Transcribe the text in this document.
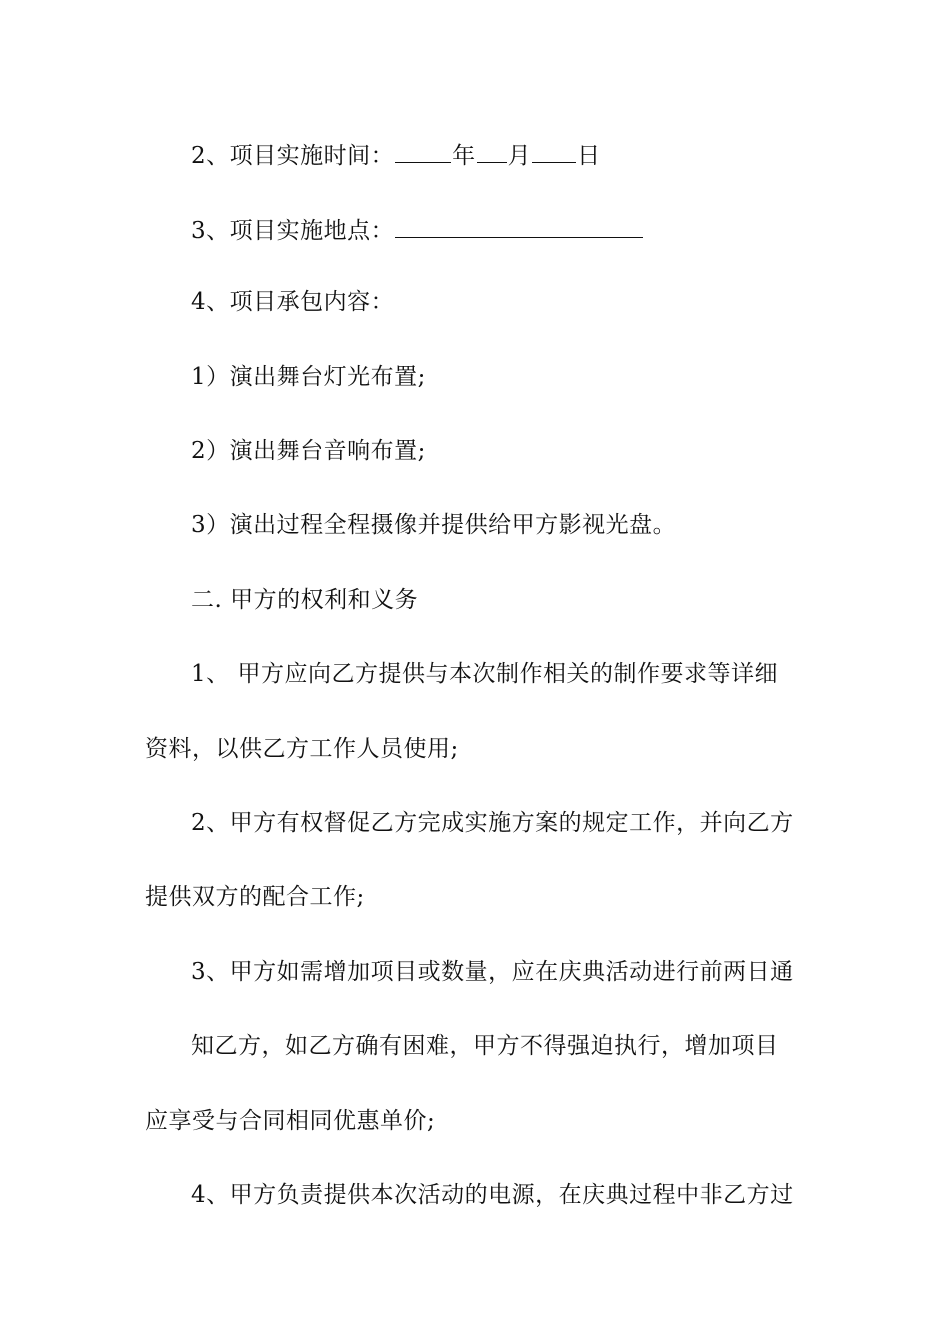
2、项目实施时间：	年 月 日
3、项目实施地点：
4、项目承包内容：
1）演出舞台灯光布置;
2）演出舞台音响布置;
3）演出过程全程摄像并提供给甲方影视光盘。
二. 甲方的权利和义务
1、 甲方应向乙方提供与本次制作相关的制作要求等详细
资料，以供乙方工作人员使用;
2、甲方有权督促乙方完成实施方案的规定工作，并向乙方
提供双方的配合工作;
3、甲方如需增加项目或数量，应在庆典活动进行前两日通
知乙方，如乙方确有困难，甲方不得强迫执行，增加项目
应享受与合同相同优惠单价;
4、甲方负责提供本次活动的电源，在庆典过程中非乙方过
